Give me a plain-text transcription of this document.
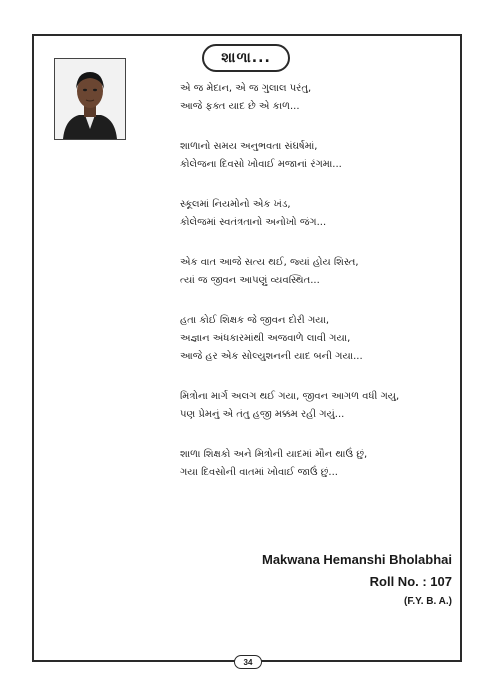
શાળા...
એ જ મેદાન, એ જ ગુલાલ પરંતુ,
આજે ફક્ત યાદ છે એ કાળ...
શાળાનો સમય અનુભવતા સંઘર્ષમાં,
કોલેજના દિવસો ખોવાઈ મજાનાં રંગમા...
સ્કૂલમાં નિયમોનો એક ખંડ,
કોલેજમાં સ્વતંત્રતાનો અનોખો જંગ...
એક વાત આજે સત્ય થઈ, જ્યાં હોય શિસ્ત,
ત્યાં જ જીવન આપણું વ્યવસ્થિત...
હતા કોઈ શિક્ષક જે જીવન દોરી ગયા,
અજ્ઞાન અંધકારમાંથી અજવાળે લાવી ગયા,
આજે હર એક સોલ્યુશનની યાદ બની ગયા...
મિત્રોના માર્ગ અલગ થઈ ગયા, જીવન આગળ વધી ગયુ,
પણ પ્રેમનું એ તંતુ હજી મક્કમ રહી ગયું...
શાળા શિક્ષકો અને મિત્રોની યાદમાં મૌન થાઉં છું,
ગયા દિવસોની વાતમાં ખોવાઈ જાઉં છું...
Makwana Hemanshi Bholabhai
Roll No. : 107
(F.Y. B. A.)
34
